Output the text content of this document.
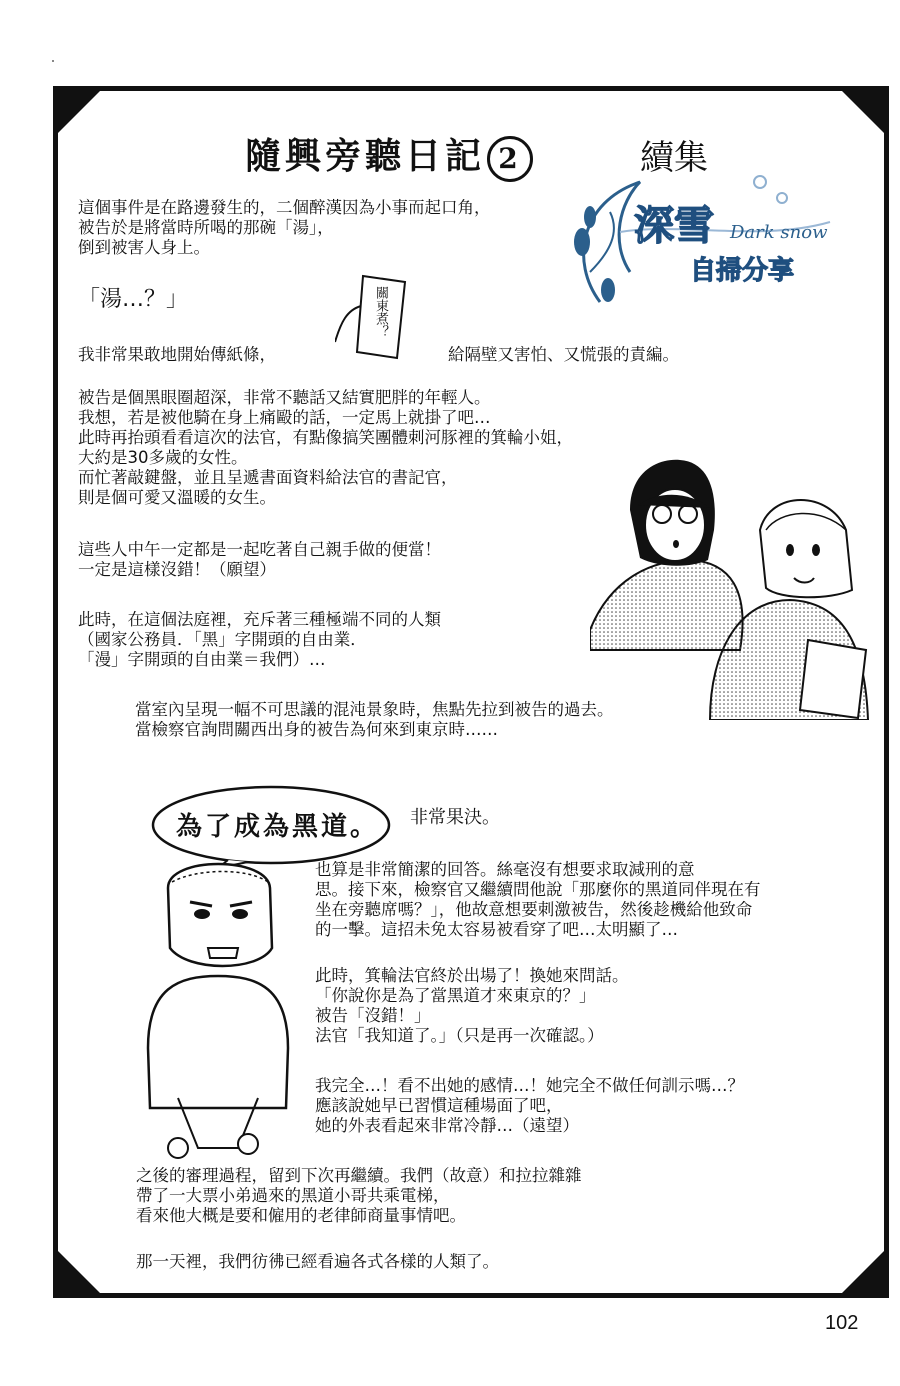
隨興旁聽日記 2	續集
深雪 Dark snow
自掃分享
這個事件是在路邊發生的，二個醉漢因為小事而起口角，
被告於是將當時所喝的那碗「湯」，
倒到被害人身上。
「湯…？」	關東煮？
我非常果敢地開始傳紙條，	給隔壁又害怕、又慌張的責編。
被告是個黑眼圈超深，非常不聽話又結實肥胖的年輕人。
我想，若是被他騎在身上痛毆的話，一定馬上就掛了吧…
此時再抬頭看看這次的法官，有點像搞笑團體刺河豚裡的箕輪小姐，
大約是30多歲的女性。
而忙著敲鍵盤，並且呈遞書面資料給法官的書記官，
則是個可愛又溫暖的女生。
這些人中午一定都是一起吃著自己親手做的便當！
一定是這樣沒錯！（願望）
此時，在這個法庭裡，充斥著三種極端不同的人類
（國家公務員．「黑」字開頭的自由業．
「漫」字開頭的自由業＝我們）…
當室內呈現一幅不可思議的混沌景象時，焦點先拉到被告的過去。
當檢察官詢問關西出身的被告為何來到東京時……
為了成為黑道。 非常果決。
也算是非常簡潔的回答。絲毫沒有想要求取減刑的意
思。接下來，檢察官又繼續問他說「那麼你的黑道同伴現在有
坐在旁聽席嗎？」，他故意想要刺激被告，然後趁機給他致命
的一擊。這招未免太容易被看穿了吧…太明顯了…
此時，箕輪法官終於出場了！換她來問話。
「你說你是為了當黑道才來東京的？」
被告「沒錯！」
法官「我知道了。」（只是再一次確認。）
我完全…！看不出她的感情…！她完全不做任何訓示嗎…？
應該說她早已習慣這種場面了吧，
她的外表看起來非常冷靜…（遠望）
之後的審理過程，留到下次再繼續。我們（故意）和拉拉雜雜
帶了一大票小弟過來的黑道小哥共乘電梯，
看來他大概是要和僱用的老律師商量事情吧。
那一天裡，我們彷彿已經看遍各式各樣的人類了。
102
